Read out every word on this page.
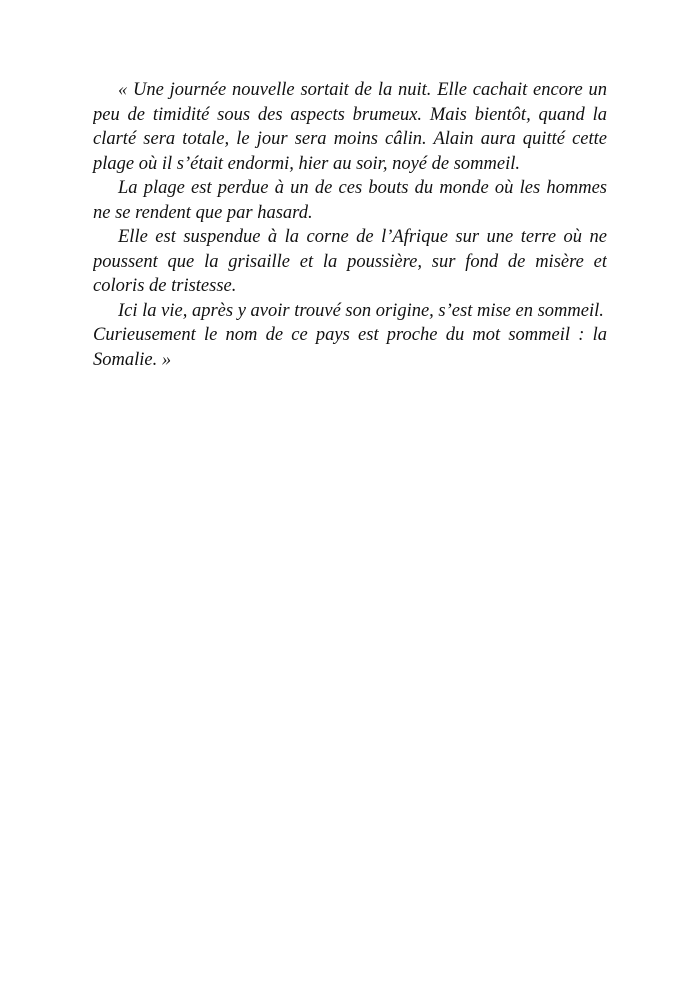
« Une journée nouvelle sortait de la nuit. Elle cachait encore un
peu de timidité sous des aspects brumeux. Mais bientôt, quand la
clarté sera totale, le jour sera moins câlin. Alain aura quitté cette
plage où il s’était endormi, hier au soir, noyé de sommeil.
La plage est perdue à un de ces bouts du monde où les hommes
ne se rendent que par hasard.
Elle est suspendue à la corne de l’Afrique sur une terre où ne
poussent que la grisaille et la poussière, sur fond de misère et
coloris de tristesse.
Ici la vie, après y avoir trouvé son origine, s’est mise en sommeil.
Curieusement le nom de ce pays est proche du mot sommeil : la
Somalie. »
